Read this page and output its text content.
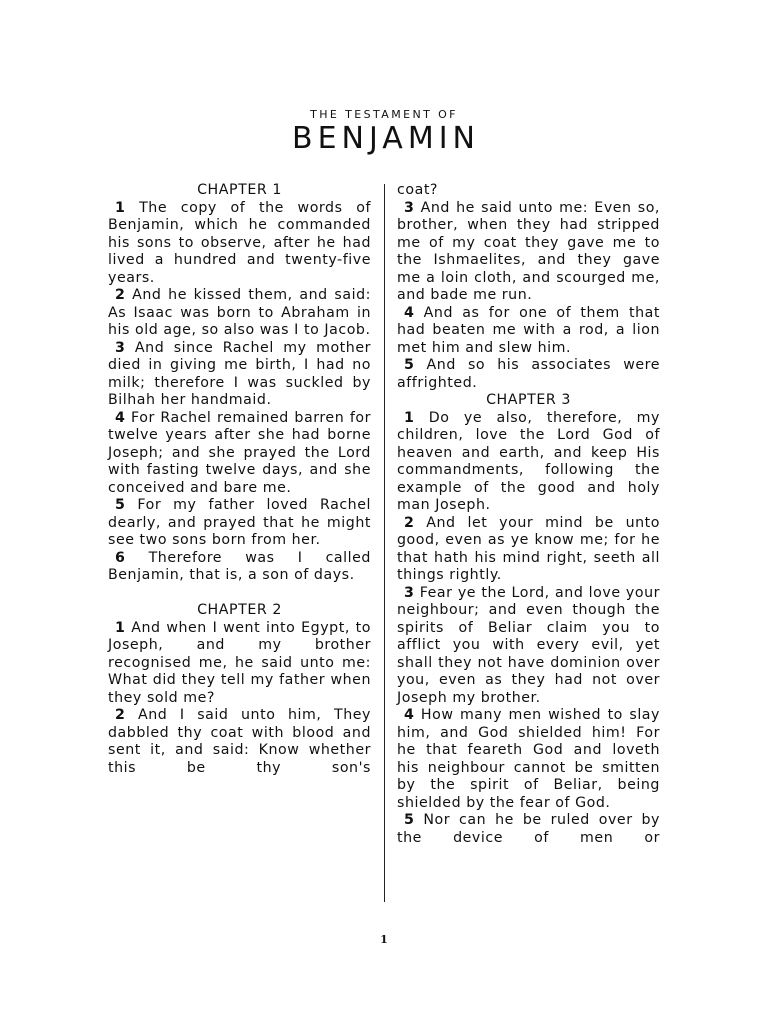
THE TESTAMENT OF
BENJAMIN

CHAPTER 1

1 The copy of the words of Benjamin, which he commanded his sons to observe, after he had lived a hundred and twenty-five years.

2 And he kissed them, and said: As Isaac was born to Abraham in his old age, so also was I to Jacob.

3 And since Rachel my mother died in giving me birth, I had no milk; therefore I was suckled by Bilhah her handmaid.

4 For Rachel remained barren for twelve years after she had borne Joseph; and she prayed the Lord with fasting twelve days, and she conceived and bare me.

5 For my father loved Rachel dearly, and prayed that he might see two sons born from her.

6 Therefore was I called Benjamin, that is, a son of days.

CHAPTER 2

1 And when I went into Egypt, to Joseph, and my brother recognised me, he said unto me: What did they tell my father when they sold me?

2 And I said unto him, They dabbled thy coat with blood and sent it, and said: Know whether this be thy son's

coat?

3 And he said unto me: Even so, brother, when they had stripped me of my coat they gave me to the Ishmaelites, and they gave me a loin cloth, and scourged me, and bade me run.

4 And as for one of them that had beaten me with a rod, a lion met him and slew him.

5 And so his associates were affrighted.

CHAPTER 3

1 Do ye also, therefore, my children, love the Lord God of heaven and earth, and keep His commandments, following the example of the good and holy man Joseph.

2 And let your mind be unto good, even as ye know me; for he that hath his mind right, seeth all things rightly.

3 Fear ye the Lord, and love your neighbour; and even though the spirits of Beliar claim you to afflict you with every evil, yet shall they not have dominion over you, even as they had not over Joseph my brother.

4 How many men wished to slay him, and God shielded him! For he that feareth God and loveth his neighbour cannot be smitten by the spirit of Beliar, being shielded by the fear of God.

5 Nor can he be ruled over by the device of men or

1
